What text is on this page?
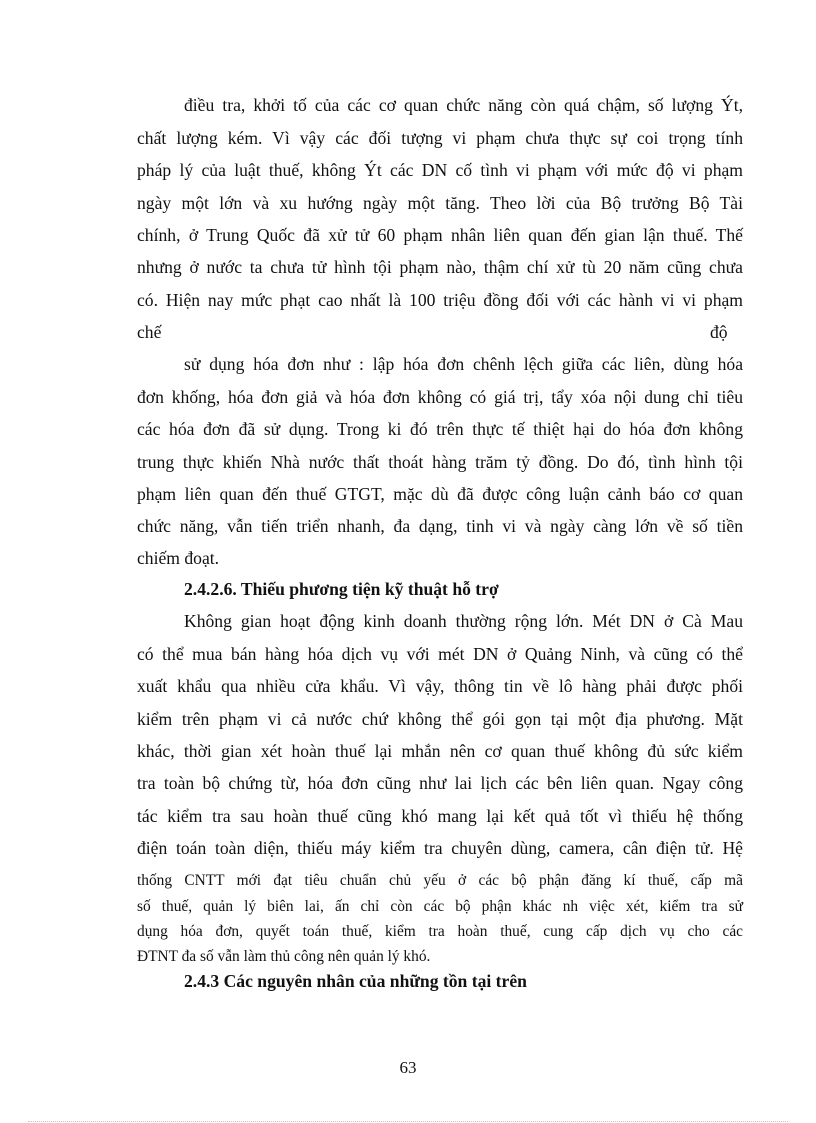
điều tra, khởi tố của các cơ quan chức năng còn quá chậm, số lượng Ýt,
chất lượng kém. Vì vậy các đối tượng vi phạm chưa thực sự coi trọng tính
pháp lý của luật thuế, không Ýt các DN cố tình vi phạm với mức độ vi phạm
ngày một lớn và xu hướng ngày một tăng. Theo lời của Bộ trưởng Bộ Tài
chính, ở Trung Quốc đã xử tử 60 phạm nhân liên quan đến gian lận thuế. Thế
nhưng ở nước ta chưa tử hình tội phạm nào, thậm chí xử tù 20 năm cũng chưa
có. Hiện nay mức phạt cao nhất là 100 triệu đồng đối với các hành vi vi phạm
chế	độ
sử dụng hóa đơn như : lập hóa đơn chênh lệch giữa các liên, dùng hóa
đơn khống, hóa đơn giả và hóa đơn không có giá trị, tẩy xóa nội dung chỉ tiêu
các hóa đơn đã sử dụng. Trong ki đó trên thực tế thiệt hại do hóa đơn không
trung thực khiến Nhà nước thất thoát hàng trăm tỷ đồng. Do đó, tình hình tội
phạm liên quan đến thuế GTGT, mặc dù đã được công luận cảnh báo cơ quan
chức năng, vẫn tiến triển nhanh, đa dạng, tinh vi và ngày càng lớn về số tiền
chiếm đoạt.
2.4.2.6. Thiếu phương tiện kỹ thuật hỗ trợ
Không gian hoạt động kinh doanh thường rộng lớn. Mét DN ở Cà Mau
có thể mua bán hàng hóa dịch vụ với mét DN ở Quảng Ninh, và cũng có thể
xuất khẩu qua nhiều cửa khẩu. Vì vậy, thông tin về lô hàng phải được phối
kiểm trên phạm vi cả nước chứ không thể gói gọn tại một địa phương. Mặt
khác, thời gian xét hoàn thuế lại mhắn nên cơ quan thuế không đủ sức kiểm
tra toàn bộ chứng từ, hóa đơn cũng như lai lịch các bên liên quan. Ngay công
tác kiểm tra sau hoàn thuế cũng khó mang lại kết quả tốt vì thiếu hệ thống
điện toán toàn diện, thiếu máy kiểm tra chuyên dùng, camera, cân điện tử. Hệ
thống CNTT mới đạt tiêu chuẩn chủ yếu ở các bộ phận đăng kí thuế, cấp mã
số thuế, quản lý biên lai, ấn chỉ còn các bộ phận khác nh việc xét, kiểm tra sử
dụng hóa đơn, quyết toán thuế, kiểm tra hoàn thuế, cung cấp dịch vụ cho các
ĐTNT đa số vẫn làm thủ công nên quản lý khó.
2.4.3 Các nguyên nhân của những tồn tại trên
63
